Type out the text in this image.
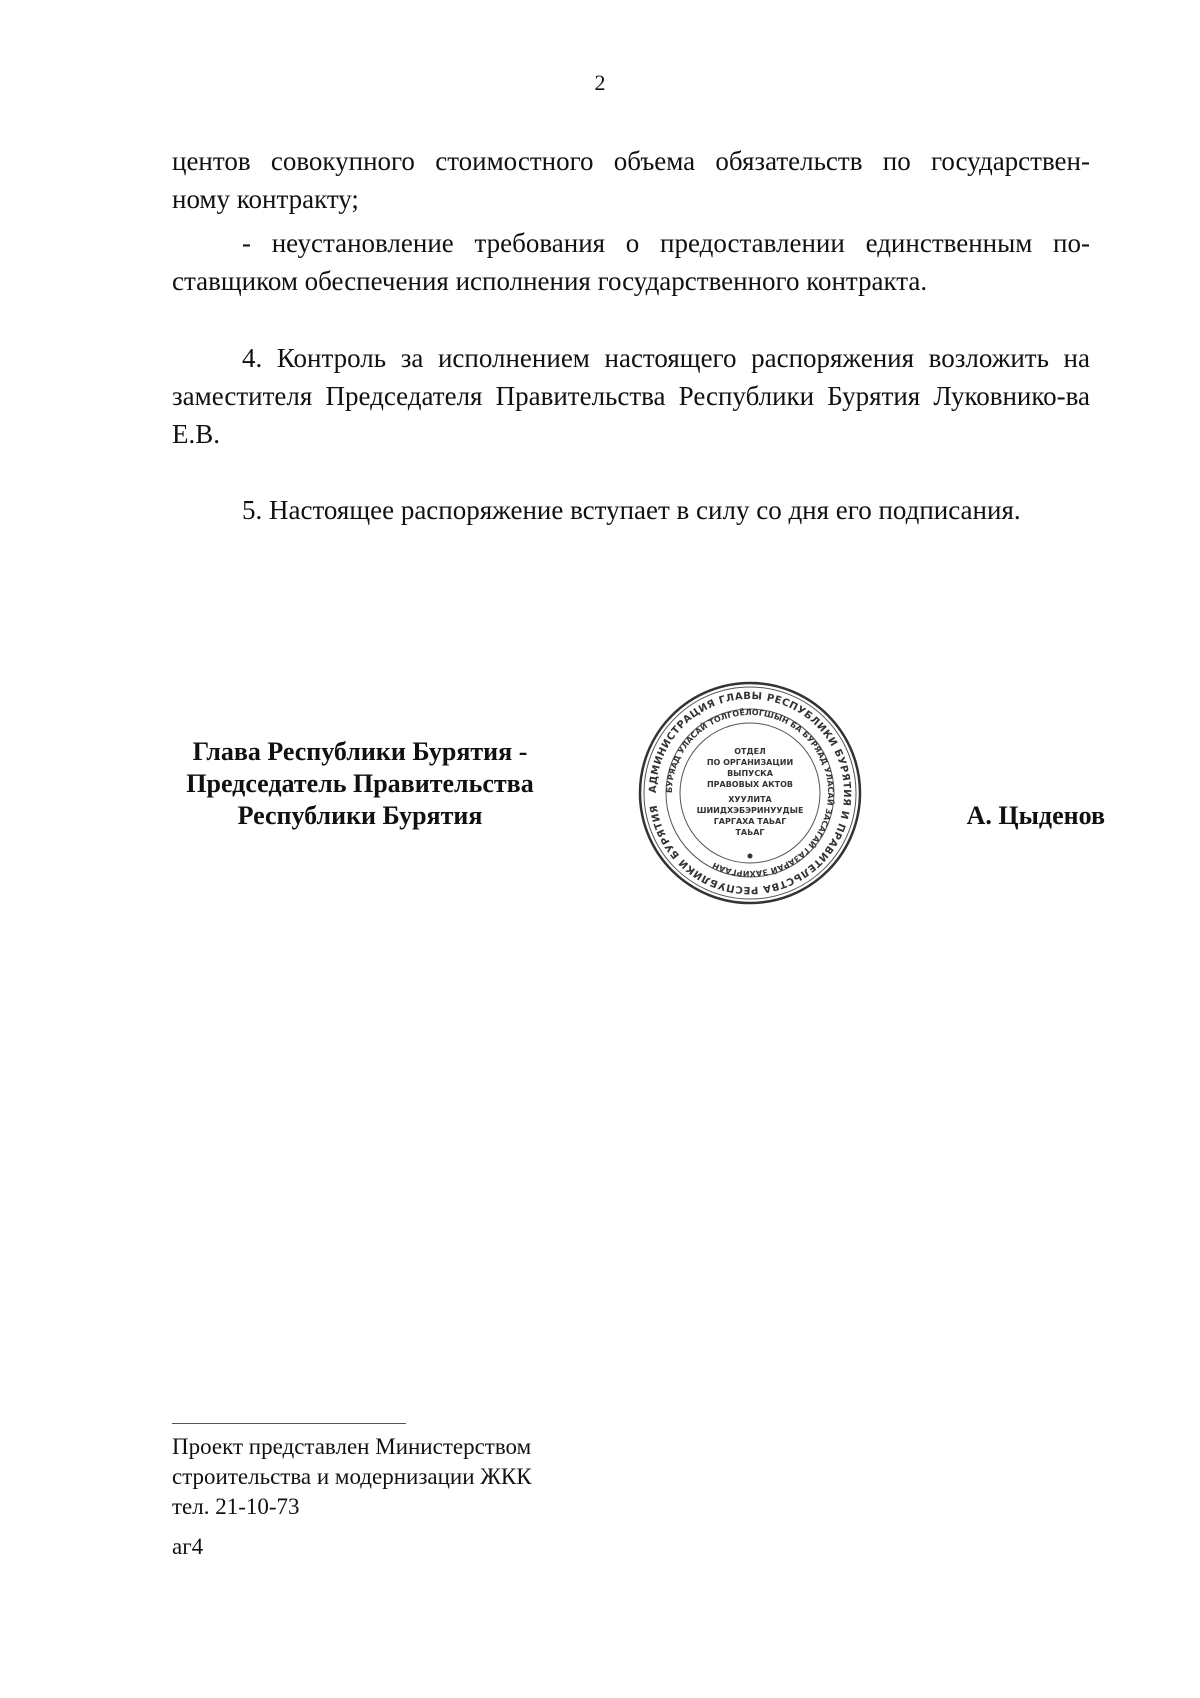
2
центов совокупного стоимостного объема обязательств по государствен-
ному контракту;

- неустановление требования о предоставлении единственным по-ставщиком обеспечения исполнения государственного контракта.

4. Контроль за исполнением настоящего распоряжения возложить на заместителя Председателя Правительства Республики Бурятия Луковнико-ва Е.В.

5. Настоящее распоряжение вступает в силу со дня его подписания.

Глава Республики Бурятия -
Председатель Правительства
Республики Бурятия
АДМИНИСТРАЦИЯ ГЛАВЫ РЕСПУБЛИКИ БУРЯТИЯ И ПРАВИТЕЛЬСТВА РЕСПУБЛИКИ БУРЯТИЯ
БУРЯАД УЛАСАЙ ТОЛГОЁЛОГШЫН БА БУРЯАД УЛАСАЙ ЗАСАГАЙ ГАЗАРАЙ ЗАХИРГААН
ОТДЕЛ
ПО ОРГАНИЗАЦИИ
ВЫПУСКА
ПРАВОВЫХ АКТОВ
ХУУЛИТА
ШИИДХЭБЭРИНУУДЫЕ
ГАРГАХА ТАЬАГ
ТАЬАГ
А. Цыденов
Проект представлен Министерством
строительства и модернизации ЖКК
тел. 21-10-73
аг4
